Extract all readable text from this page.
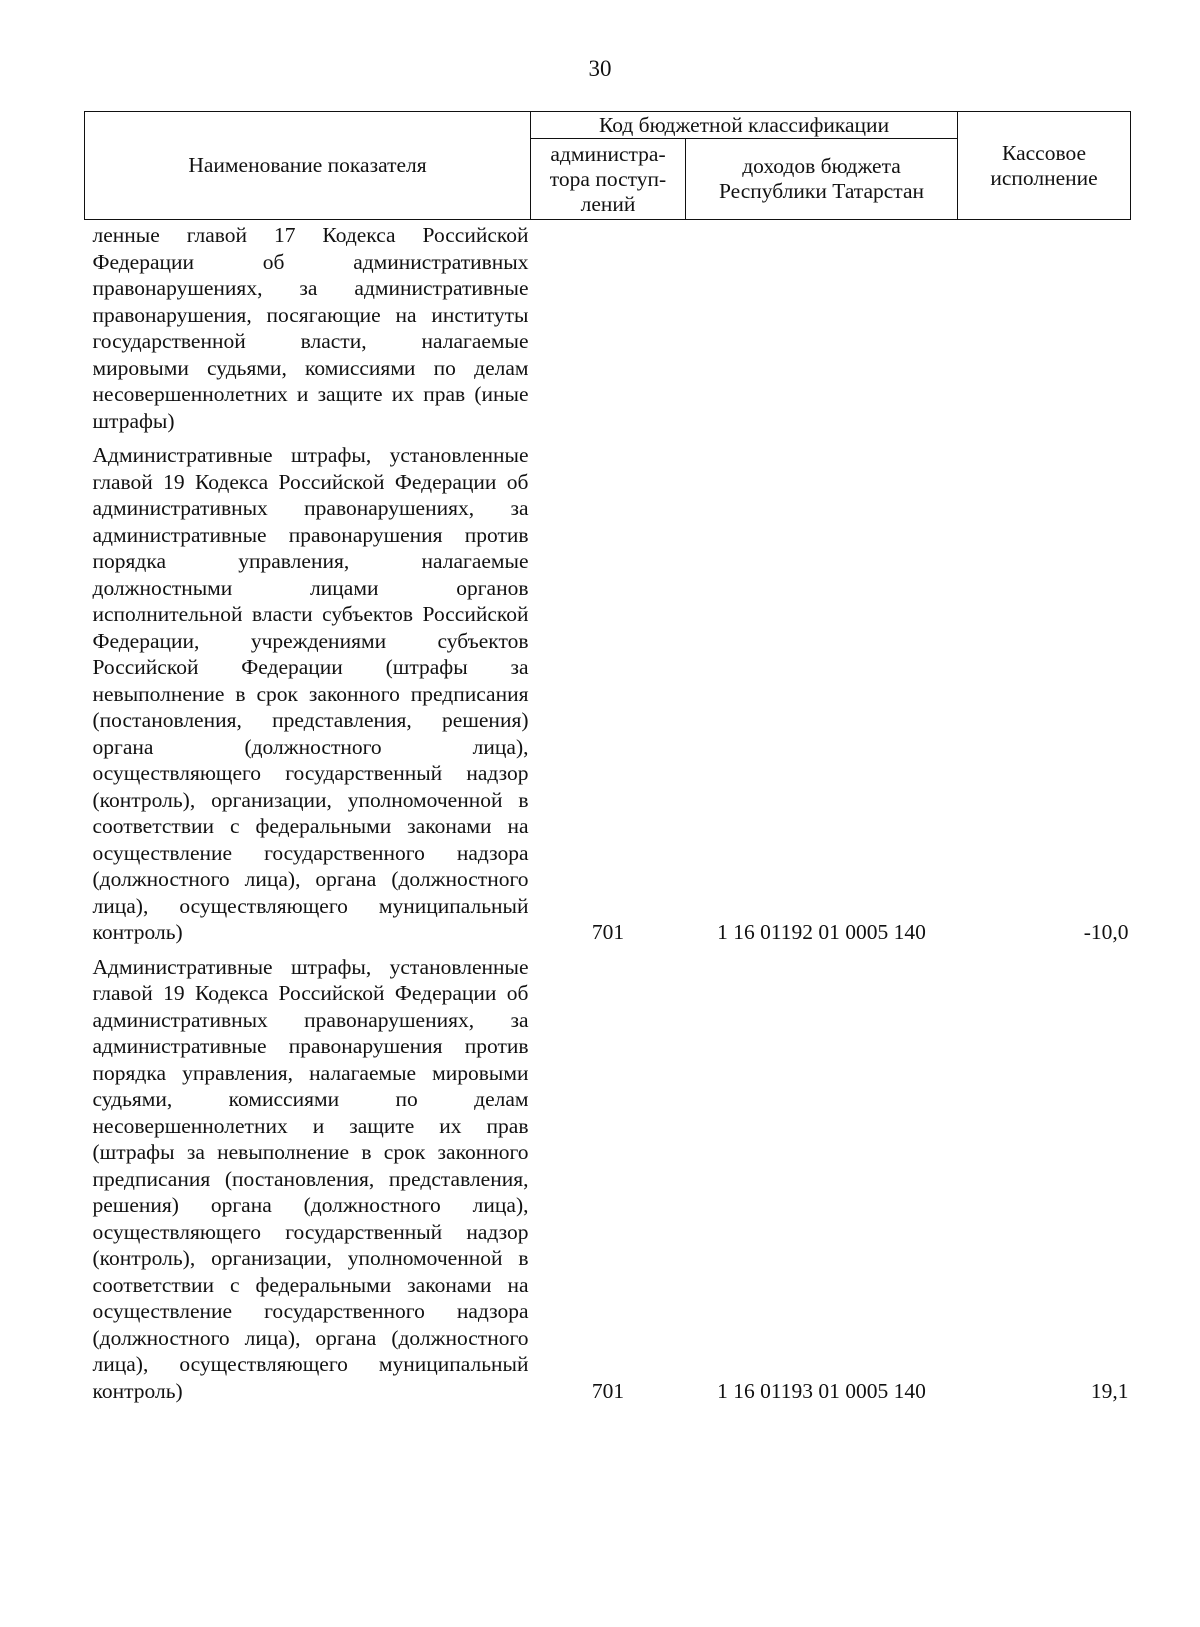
30
Наименование показателя	Код бюджетной классификации		Кассовое исполнение
	администра-тора поступ-лений	доходов бюджета Республики Татарстан	
ленные главой 17 Кодекса Российской Федерации об административных правонарушениях, за административные правонарушения, посягающие на институты государственной власти, налагаемые мировыми судьями, комиссиями по делам несовершеннолетних и защите их прав (иные штрафы)			
Административные штрафы, установленные главой 19 Кодекса Российской Федерации об административных правонарушениях, за административные правонарушения против порядка управления, налагаемые должностными лицами органов исполнительной власти субъектов Российской Федерации, учреждениями субъектов Российской Федерации (штрафы за невыполнение в срок законного предписания (постановления, представления, решения) органа (должностного лица), осуществляющего государственный надзор (контроль), организации, уполномоченной в соответствии с федеральными законами на осуществление государственного надзора (должностного лица), органа (должностного лица), осуществляющего муниципальный контроль)	701	1 16 01192 01 0005 140	-10,0
Административные штрафы, установленные главой 19 Кодекса Российской Федерации об административных правонарушениях, за административные правонарушения против порядка управления, налагаемые мировыми судьями, комиссиями по делам несовершеннолетних и защите их прав (штрафы за невыполнение в срок законного предписания (постановления, представления, решения) органа (должностного лица), осуществляющего государственный надзор (контроль), организации, уполномоченной в соответствии с федеральными законами на осуществление государственного надзора (должностного лица), органа (должностного лица), осуществляющего муниципальный контроль)	701	1 16 01193 01 0005 140	19,1
